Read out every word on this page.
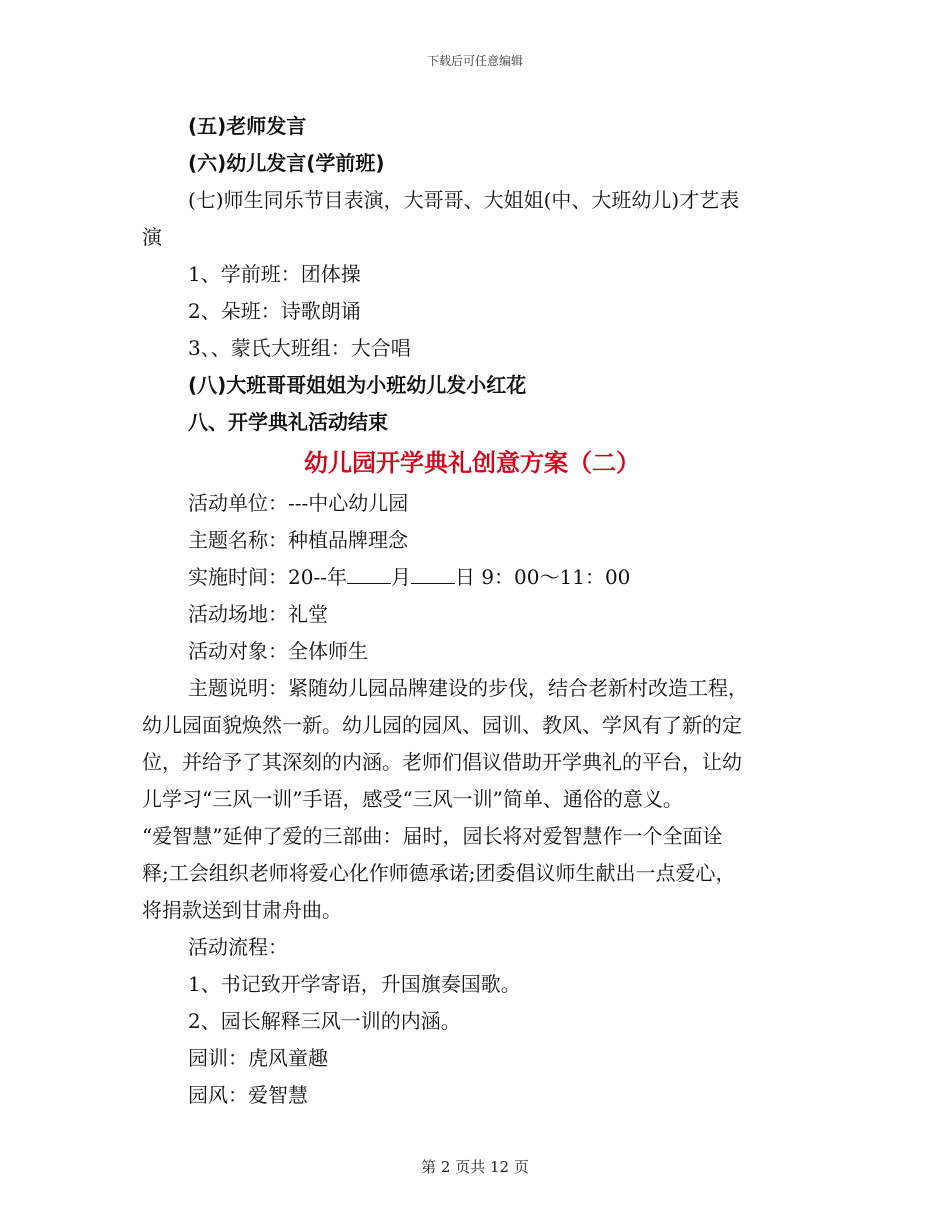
下载后可任意编辑

(五)老师发言

(六)幼儿发言(学前班)

(七)师生同乐节目表演，大哥哥、大姐姐(中、大班幼儿)才艺表

演

1、学前班：团体操

2、朵班：诗歌朗诵

3、、蒙氏大班组：大合唱

(八)大班哥哥姐姐为小班幼儿发小红花

八、开学典礼活动结束

幼儿园开学典礼创意方案（二）

活动单位：---中心幼儿园

主题名称：种植品牌理念

实施时间：20--年 月 日 9：00～11：00

活动场地：礼堂

活动对象：全体师生

主题说明：紧随幼儿园品牌建设的步伐，结合老新村改造工程，

幼儿园面貌焕然一新。幼儿园的园风、园训、教风、学风有了新的定

位，并给予了其深刻的内涵。老师们倡议借助开学典礼的平台，让幼

儿学习“三风一训”手语，感受“三风一训”简单、通俗的意义。

“爱智慧”延伸了爱的三部曲：届时，园长将对爱智慧作一个全面诠

释;工会组织老师将爱心化作师德承诺;团委倡议师生献出一点爱心，

将捐款送到甘肃舟曲。

活动流程：

1、书记致开学寄语，升国旗奏国歌。

2、园长解释三风一训的内涵。

园训：虎风童趣

园风：爱智慧

第 2 页共 12 页
